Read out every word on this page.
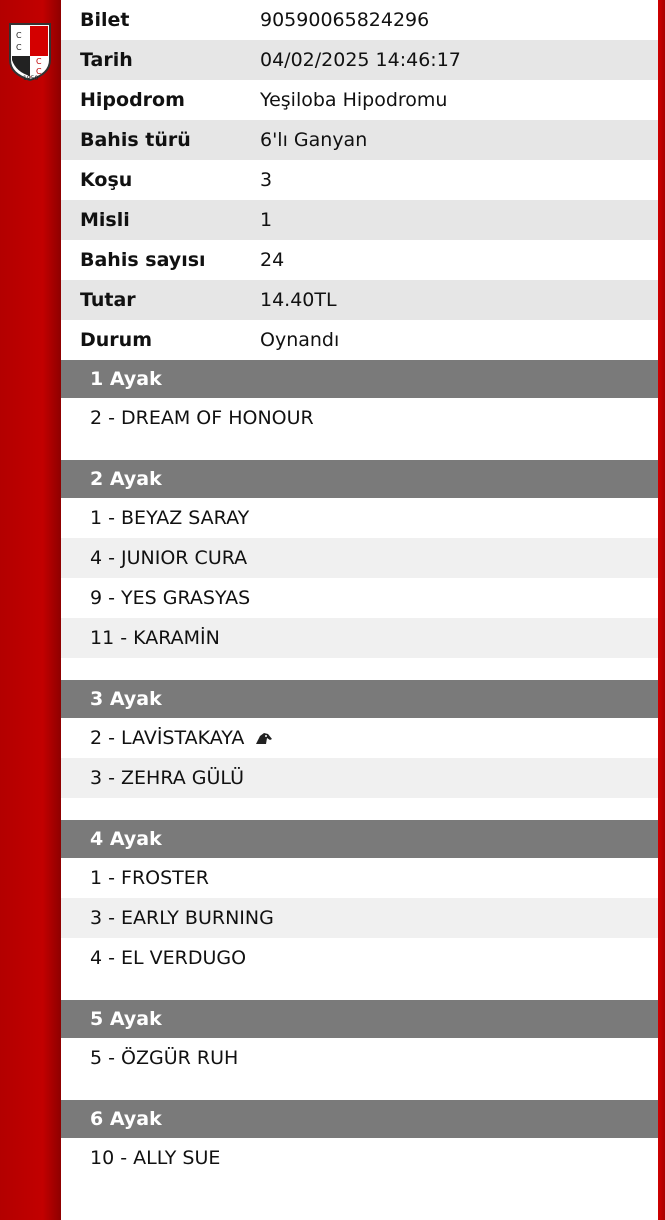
C
C
C
C
1950
Bilet	90590065824296
Tarih	04/02/2025 14:46:17
Hipodrom	Yeşiloba Hipodromu
Bahis türü	6'lı Ganyan
Koşu	3
Misli	1
Bahis sayısı	24
Tutar	14.40TL
Durum	Oynandı
1 Ayak
2 - DREAM OF HONOUR
2 Ayak
1 - BEYAZ SARAY
4 - JUNIOR CURA
9 - YES GRASYAS
11 - KARAMİN
3 Ayak
2 - LAVİSTAKAYA
3 - ZEHRA GÜLÜ
4 Ayak
1 - FROSTER
3 - EARLY BURNING
4 - EL VERDUGO
5 Ayak
5 - ÖZGÜR RUH
6 Ayak
10 - ALLY SUE
